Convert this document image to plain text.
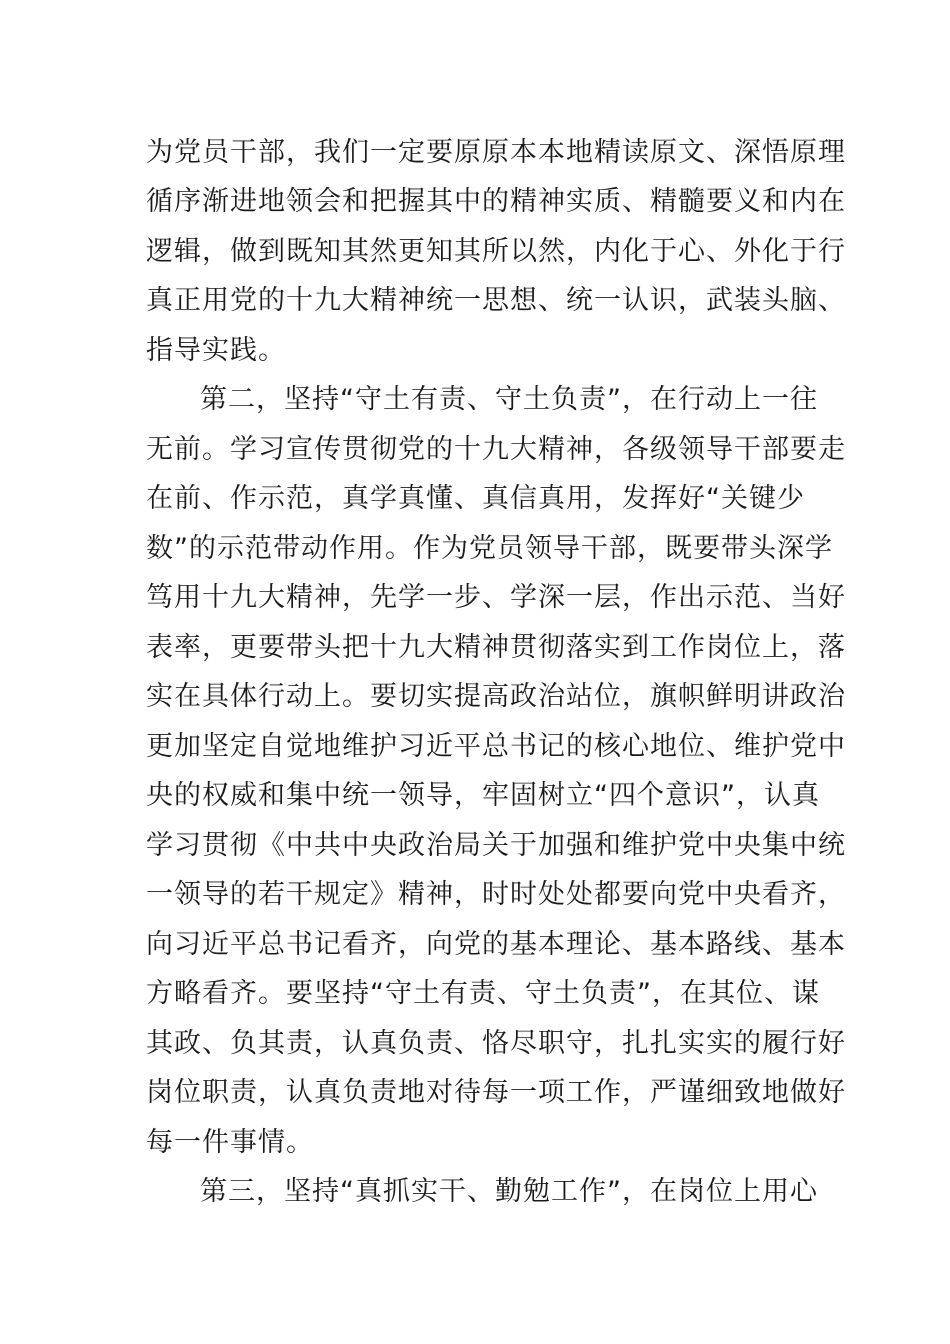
为党员干部，我们一定要原原本本地精读原文、深悟原理
循序渐进地领会和把握其中的精神实质、精髓要义和内在
逻辑，做到既知其然更知其所以然，内化于心、外化于行
真正用党的十九大精神统一思想、统一认识，武装头脑、
指导实践。
第二，坚持“守土有责、守土负责”，在行动上一往
无前。学习宣传贯彻党的十九大精神，各级领导干部要走
在前、作示范，真学真懂、真信真用，发挥好“关键少
数”的示范带动作用。作为党员领导干部，既要带头深学
笃用十九大精神，先学一步、学深一层，作出示范、当好
表率，更要带头把十九大精神贯彻落实到工作岗位上，落
实在具体行动上。要切实提高政治站位，旗帜鲜明讲政治
更加坚定自觉地维护习近平总书记的核心地位、维护党中
央的权威和集中统一领导，牢固树立“四个意识”，认真
学习贯彻《中共中央政治局关于加强和维护党中央集中统
一领导的若干规定》精神，时时处处都要向党中央看齐，
向习近平总书记看齐，向党的基本理论、基本路线、基本
方略看齐。要坚持“守土有责、守土负责”，在其位、谋
其政、负其责，认真负责、恪尽职守，扎扎实实的履行好
岗位职责，认真负责地对待每一项工作，严谨细致地做好
每一件事情。
第三，坚持“真抓实干、勤勉工作”，在岗位上用心
